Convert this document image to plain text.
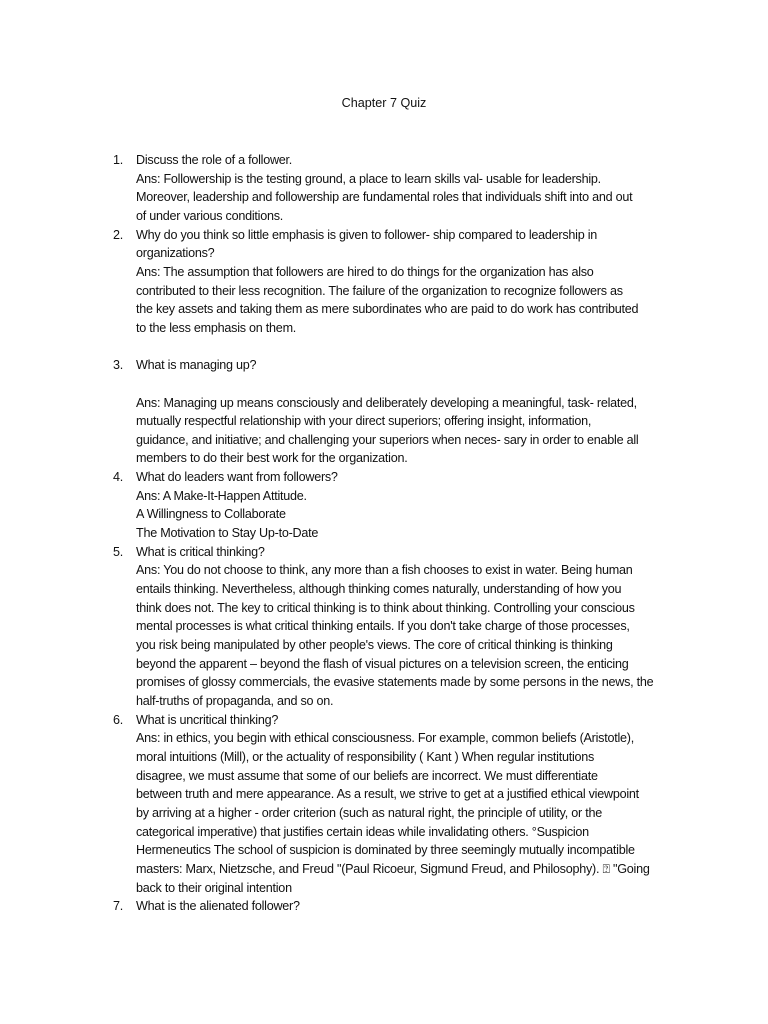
Chapter 7 Quiz
1. Discuss the role of a follower.
Ans: Followership is the testing ground, a place to learn skills val- usable for leadership.
Moreover, leadership and followership are fundamental roles that individuals shift into and out
of under various conditions.
2. Why do you think so little emphasis is given to follower- ship compared to leadership in
organizations?
Ans: The assumption that followers are hired to do things for the organization has also
contributed to their less recognition. The failure of the organization to recognize followers as
the key assets and taking them as mere subordinates who are paid to do work has contributed
to the less emphasis on them.
3. What is managing up?
Ans: Managing up means consciously and deliberately developing a meaningful, task- related,
mutually respectful relationship with your direct superiors; offering insight, information,
guidance, and initiative; and challenging your superiors when neces- sary in order to enable all
members to do their best work for the organization.
4. What do leaders want from followers?
Ans: A Make-It-Happen Attitude.
A Willingness to Collaborate
The Motivation to Stay Up-to-Date
5. What is critical thinking?
Ans: You do not choose to think, any more than a fish chooses to exist in water. Being human
entails thinking. Nevertheless, although thinking comes naturally, understanding of how you
think does not. The key to critical thinking is to think about thinking. Controlling your conscious
mental processes is what critical thinking entails. If you don't take charge of those processes,
you risk being manipulated by other people's views. The core of critical thinking is thinking
beyond the apparent – beyond the flash of visual pictures on a television screen, the enticing
promises of glossy commercials, the evasive statements made by some persons in the news, the
half-truths of propaganda, and so on.
6. What is uncritical thinking?
Ans: in ethics, you begin with ethical consciousness. For example, common beliefs (Aristotle),
moral intuitions (Mill), or the actuality of responsibility ( Kant ) When regular institutions
disagree, we must assume that some of our beliefs are incorrect. We must differentiate
between truth and mere appearance. As a result, we strive to get at a justified ethical viewpoint
by arriving at a higher - order criterion (such as natural right, the principle of utility, or the
categorical imperative) that justifies certain ideas while invalidating others. °Suspicion
Hermeneutics The school of suspicion is dominated by three seemingly mutually incompatible
masters: Marx, Nietzsche, and Freud "(Paul Ricoeur, Sigmund Freud, and Philosophy). ⍰ "Going
back to their original intention
7. What is the alienated follower?
